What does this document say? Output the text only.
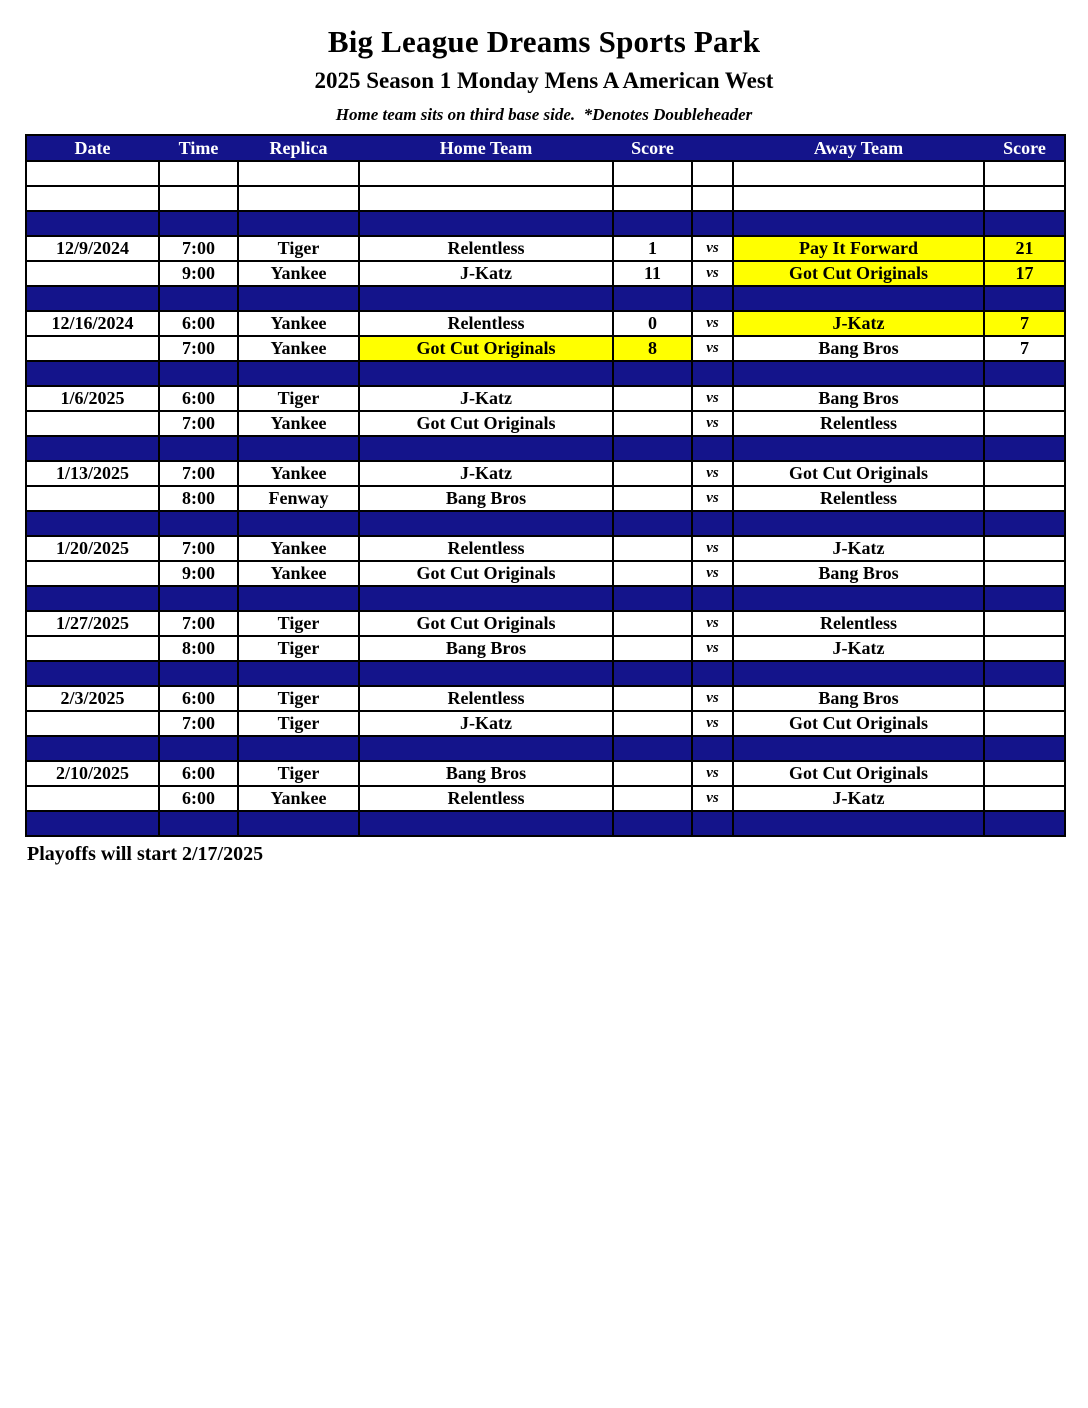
Big League Dreams Sports Park
2025 Season 1 Monday Mens A American West
Home team sits on third base side.  *Denotes Doubleheader
Date	Time	Replica	Home Team	Score	Away Team	Score
12/9/2024	7:00	Tiger	Relentless	1	vs	Pay It Forward	21
9:00	Yankee	J-Katz	11	vs	Got Cut Originals	17
12/16/2024	6:00	Yankee	Relentless	0	vs	J-Katz	7
7:00	Yankee	Got Cut Originals	8	vs	Bang Bros	7
1/6/2025	6:00	Tiger	J-Katz	vs	Bang Bros
7:00	Yankee	Got Cut Originals	vs	Relentless
1/13/2025	7:00	Yankee	J-Katz	vs	Got Cut Originals
8:00	Fenway	Bang Bros	vs	Relentless
1/20/2025	7:00	Yankee	Relentless	vs	J-Katz
9:00	Yankee	Got Cut Originals	vs	Bang Bros
1/27/2025	7:00	Tiger	Got Cut Originals	vs	Relentless
8:00	Tiger	Bang Bros	vs	J-Katz
2/3/2025	6:00	Tiger	Relentless	vs	Bang Bros
7:00	Tiger	J-Katz	vs	Got Cut Originals
2/10/2025	6:00	Tiger	Bang Bros	vs	Got Cut Originals
6:00	Yankee	Relentless	vs	J-Katz
Playoffs will start 2/17/2025
